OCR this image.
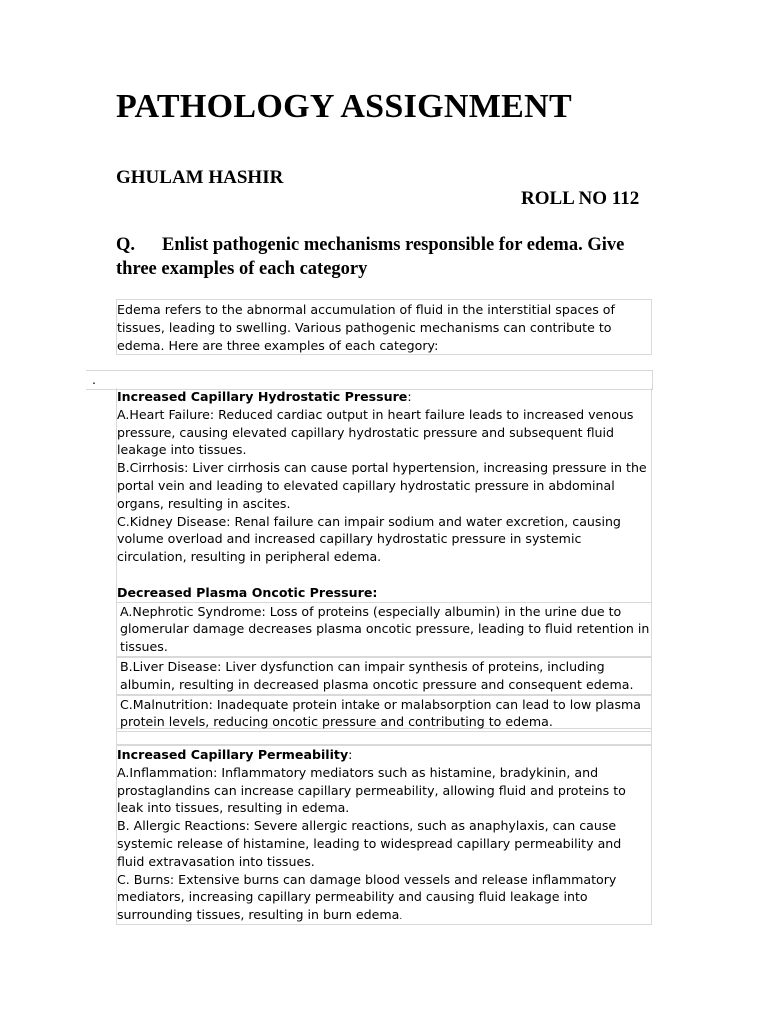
PATHOLOGY ASSIGNMENT

GHULAM HASHIR

ROLL NO 112

Q. Enlist pathogenic mechanisms responsible for edema. Give three examples of each category

Edema refers to the abnormal accumulation of fluid in the interstitial spaces of tissues, leading to swelling. Various pathogenic mechanisms can contribute to edema. Here are three examples of each category:

.

Increased Capillary Hydrostatic Pressure:

A.Heart Failure: Reduced cardiac output in heart failure leads to increased venous pressure, causing elevated capillary hydrostatic pressure and subsequent fluid leakage into tissues.

B.Cirrhosis: Liver cirrhosis can cause portal hypertension, increasing pressure in the portal vein and leading to elevated capillary hydrostatic pressure in abdominal organs, resulting in ascites.

C.Kidney Disease: Renal failure can impair sodium and water excretion, causing volume overload and increased capillary hydrostatic pressure in systemic circulation, resulting in peripheral edema.

Decreased Plasma Oncotic Pressure:

A.Nephrotic Syndrome: Loss of proteins (especially albumin) in the urine due to glomerular damage decreases plasma oncotic pressure, leading to fluid retention in tissues.

B.Liver Disease: Liver dysfunction can impair synthesis of proteins, including albumin, resulting in decreased plasma oncotic pressure and consequent edema.

C.Malnutrition: Inadequate protein intake or malabsorption can lead to low plasma protein levels, reducing oncotic pressure and contributing to edema.

Increased Capillary Permeability:

A.Inflammation: Inflammatory mediators such as histamine, bradykinin, and prostaglandins can increase capillary permeability, allowing fluid and proteins to leak into tissues, resulting in edema.

B. Allergic Reactions: Severe allergic reactions, such as anaphylaxis, can cause systemic release of histamine, leading to widespread capillary permeability and fluid extravasation into tissues.

C. Burns: Extensive burns can damage blood vessels and release inflammatory mediators, increasing capillary permeability and causing fluid leakage into surrounding tissues, resulting in burn edema.
